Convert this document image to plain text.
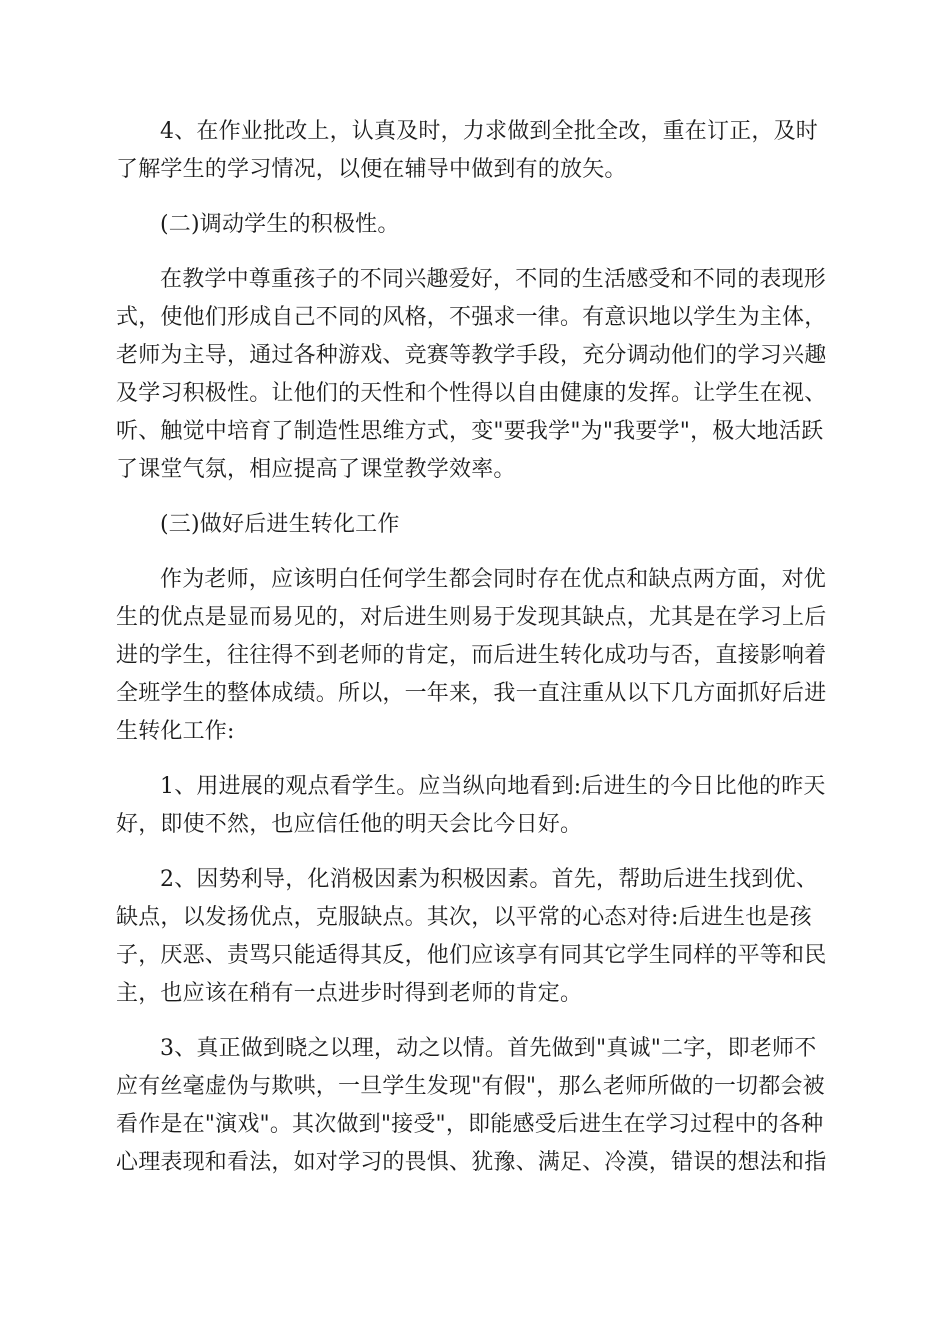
4、在作业批改上，认真及时，力求做到全批全改，重在订正，及时
了解学生的学习情况，以便在辅导中做到有的放矢。
(二)调动学生的积极性。
在教学中尊重孩子的不同兴趣爱好，不同的生活感受和不同的表现形
式，使他们形成自己不同的风格，不强求一律。有意识地以学生为主体，
老师为主导，通过各种游戏、竞赛等教学手段，充分调动他们的学习兴趣
及学习积极性。让他们的天性和个性得以自由健康的发挥。让学生在视、
听、触觉中培育了制造性思维方式，变"要我学"为"我要学"，极大地活跃
了课堂气氛，相应提高了课堂教学效率。
(三)做好后进生转化工作
作为老师，应该明白任何学生都会同时存在优点和缺点两方面，对优
生的优点是显而易见的，对后进生则易于发现其缺点，尤其是在学习上后
进的学生，往往得不到老师的肯定，而后进生转化成功与否，直接影响着
全班学生的整体成绩。所以，一年来，我一直注重从以下几方面抓好后进
生转化工作:
1、用进展的观点看学生。应当纵向地看到:后进生的今日比他的昨天
好，即使不然，也应信任他的明天会比今日好。
2、因势利导，化消极因素为积极因素。首先，帮助后进生找到优、
缺点，以发扬优点，克服缺点。其次，以平常的心态对待:后进生也是孩
子，厌恶、责骂只能适得其反，他们应该享有同其它学生同样的平等和民
主，也应该在稍有一点进步时得到老师的肯定。
3、真正做到晓之以理，动之以情。首先做到"真诚"二字，即老师不
应有丝毫虚伪与欺哄，一旦学生发现"有假"，那么老师所做的一切都会被
看作是在"演戏"。其次做到"接受"，即能感受后进生在学习过程中的各种
心理表现和看法，如对学习的畏惧、犹豫、满足、冷漠，错误的想法和指
